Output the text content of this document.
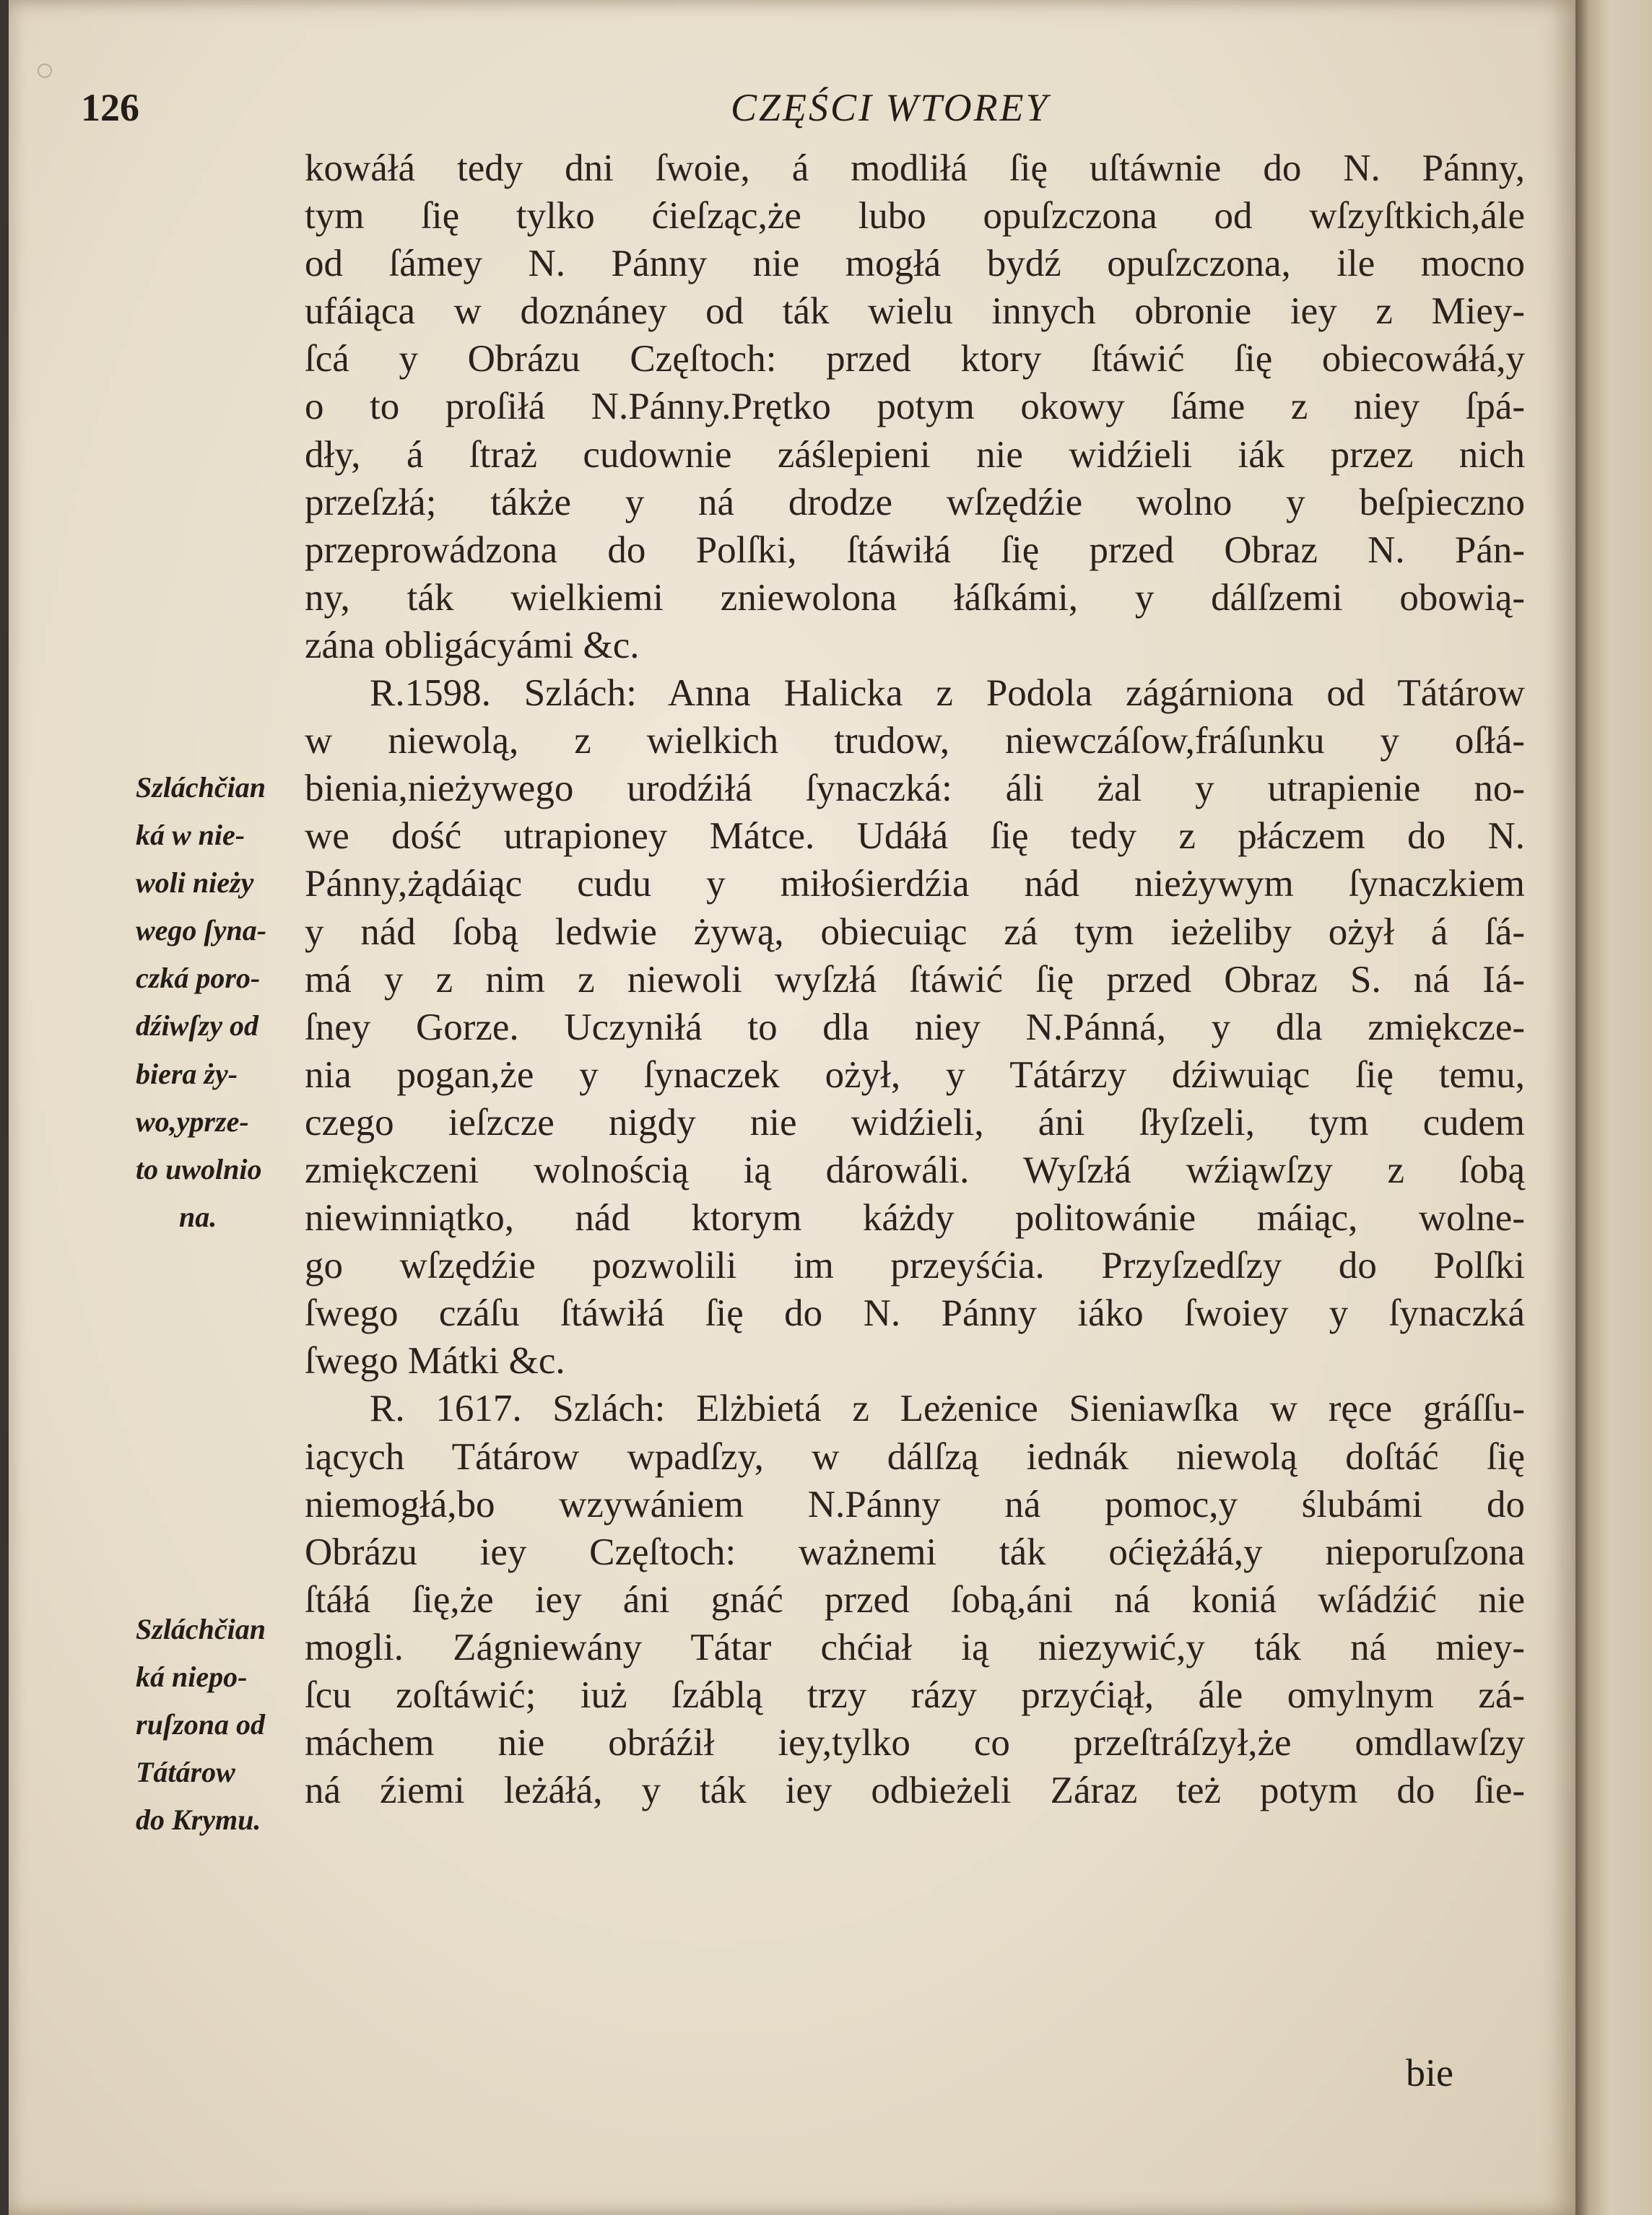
126	CZĘŚCI WTOREY
kowáłá tedy dni ſwoie, á modliłá ſię uſtáwnie do N. Pánny,
tym ſię tylko ćieſząc,że lubo opuſzczona od wſzyſtkich,ále
od ſámey N. Pánny nie mogłá bydź opuſzczona, ile mocno
ufáiąca w doznáney od ták wielu innych obronie iey z Miey-
ſcá y Obrázu Częſtoch: przed ktory ſtáwić ſię obiecowáłá,y
o to proſiłá N.Pánny.Prętko potym okowy ſáme z niey ſpá-
dły, á ſtraż cudownie záślepieni nie widźieli iák przez nich
przeſzłá; tákże y ná drodze wſzędźie wolno y beſpieczno
przeprowádzona do Polſki, ſtáwiłá ſię przed Obraz N. Pán-
ny, ták wielkiemi zniewolona łáſkámi, y dálſzemi obowią-
zána obligácyámi &c.
R.1598. Szlách: Anna Halicka z Podola zágárniona od Tátárow
w niewolą, z wielkich trudow, niewczáſow,fráſunku y oſłá-
bienia,nieżywego urodźiłá ſynaczká: áli żal y utrapienie no-
we dość utrapioney Mátce. Udáłá ſię tedy z płáczem do N.
Pánny,żądáiąc cudu y miłośierdźia nád nieżywym ſynaczkiem
y nád ſobą ledwie żywą, obiecuiąc zá tym ieżeliby ożył á ſá-
má y z nim z niewoli wyſzłá ſtáwić ſię przed Obraz S. ná Iá-
ſney Gorze. Uczyniłá to dla niey N.Pánná, y dla zmiękcze-
nia pogan,że y ſynaczek ożył, y Tátárzy dźiwuiąc ſię temu,
czego ieſzcze nigdy nie widźieli, áni ſłyſzeli, tym cudem
zmiękczeni wolnością ią dárowáli. Wyſzłá wźiąwſzy z ſobą
niewinniątko, nád ktorym káżdy politowánie máiąc, wolne-
go wſzędźie pozwolili im przeyśćia. Przyſzedſzy do Polſki
ſwego czáſu ſtáwiłá ſię do N. Pánny iáko ſwoiey y ſynaczká
ſwego Mátki &c.
R. 1617. Szlách: Elżbietá z Leżenice Sieniawſka w ręce gráſſu-
iących Tátárow wpadſzy, w dálſzą iednák niewolą doſtáć ſię
niemogłá,bo wzywániem N.Pánny ná pomoc,y ślubámi do
Obrázu iey Częſtoch: ważnemi ták oćiężáłá,y nieporuſzona
ſtáłá ſię,że iey áni gnáć przed ſobą,áni ná koniá wſádźić nie
mogli. Zágniewány Tátar chćiał ią niezywić,y ták ná miey-
ſcu zoſtáwić; iuż ſzáblą trzy rázy przyćiął, ále omylnym zá-
máchem nie obráźił iey,tylko co przeſtráſzył,że omdlawſzy
ná źiemi leżáłá, y ták iey odbieżeli Záraz też potym do ſie-
Szláchčian
ká w nie-
woli nieży
wego ſyna-
czká poro-
dźiwſzy od
biera ży-
wo,yprze-
to uwolnio
na.
Szláchčian
ká niepo-
ruſzona od
Tátárow
do Krymu.
bie
